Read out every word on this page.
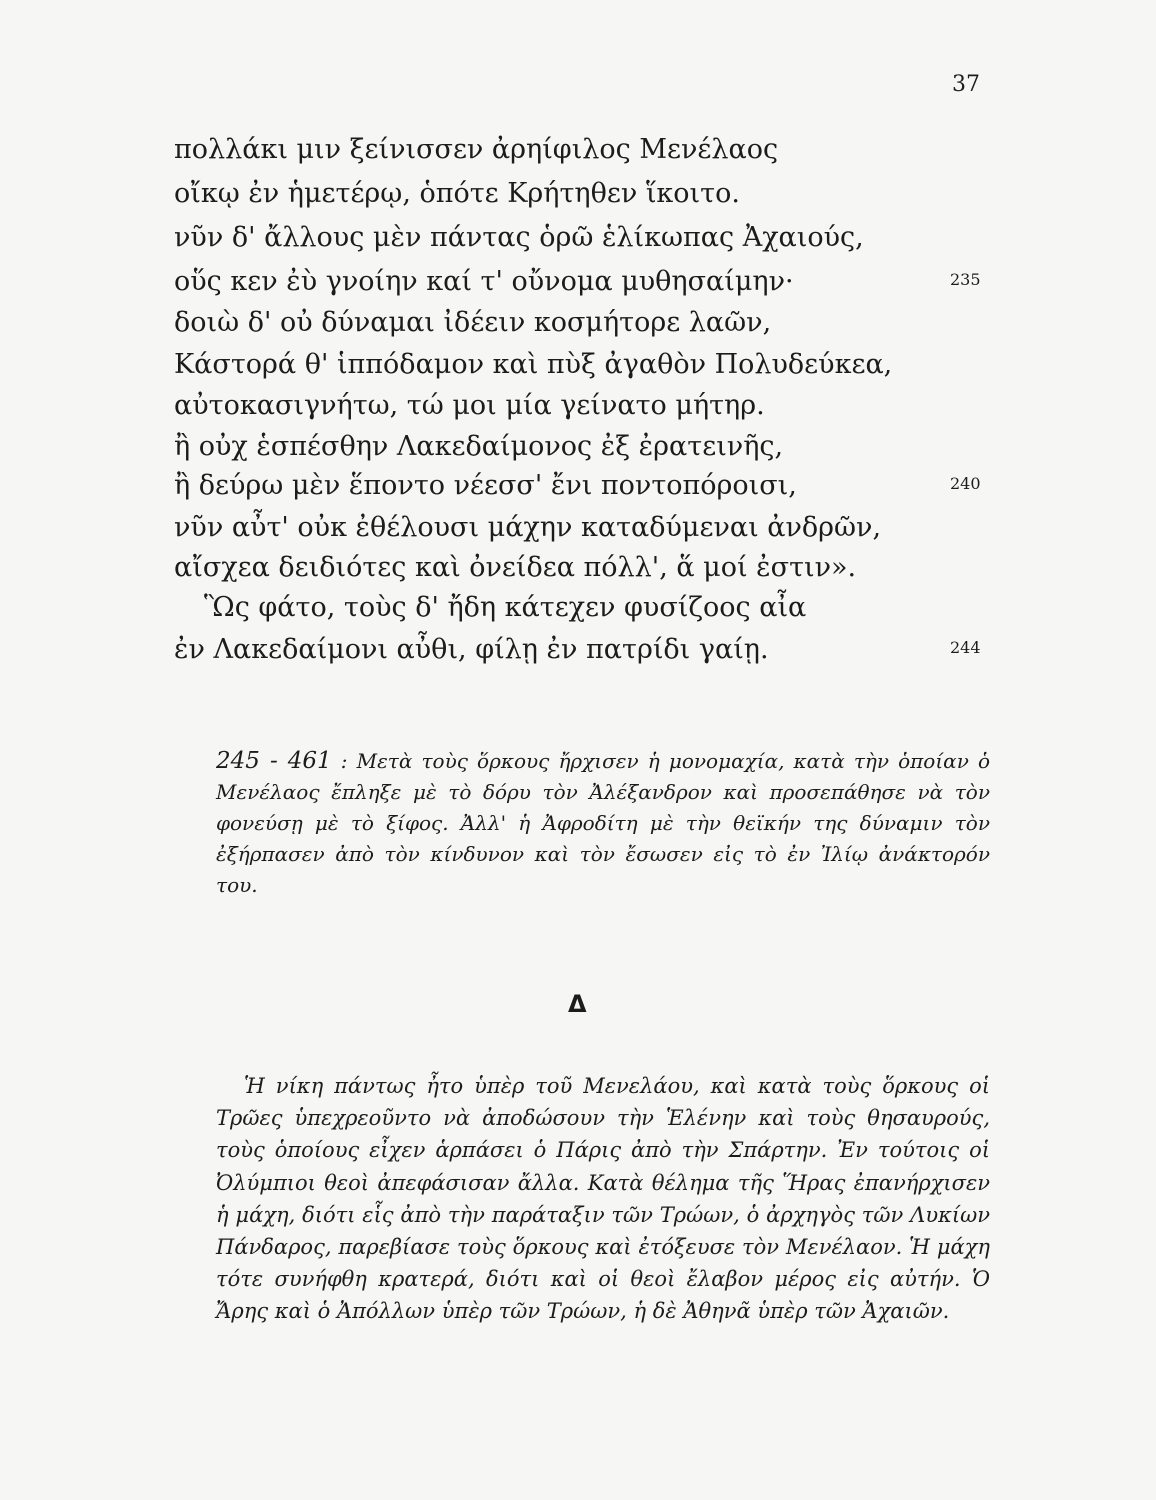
37
πολλάκι μιν ξείνισσεν ἀρηίφιλος Μενέλαος
οἴκῳ ἐν ἡμετέρῳ, ὁπότε Κρήτηθεν ἵκοιτο.
νῦν δ' ἄλλους μὲν πάντας ὁρῶ ἑλίκωπας Ἀχαιούς,
οὕς κεν ἐὺ γνοίην καί τ' οὔνομα μυθησαίμην·	235
δοιὼ δ' οὐ δύναμαι ἰδέειν κοσμήτορε λαῶν,
Κάστορά θ' ἱππόδαμον καὶ πὺξ ἀγαθὸν Πολυδεύκεα,
αὐτοκασιγνήτω, τώ μοι μία γείνατο μήτηρ.
ἢ οὐχ ἑσπέσθην Λακεδαίμονος ἐξ ἐρατεινῆς,
ἢ δεύρω μὲν ἕποντο νέεσσ' ἔνι ποντοπόροισι,	240
νῦν αὖτ' οὐκ ἐθέλουσι μάχην καταδύμεναι ἀνδρῶν,
αἴσχεα δειδιότες καὶ ὀνείδεα πόλλ', ἅ μοί ἐστιν».
Ὣς φάτο, τοὺς δ' ἤδη κάτεχεν φυσίζοος αἶα
ἐν Λακεδαίμονι αὖθι, φίλῃ ἐν πατρίδι γαίῃ.	244
245 - 461 : Μετὰ τοὺς ὅρκους ἤρχισεν ἡ μονομαχία, κατὰ τὴν ὁποίαν ὁ Μενέλαος ἔπληξε μὲ τὸ δόρυ τὸν Ἀλέξανδρον καὶ προσεπάθησε νὰ τὸν φονεύσῃ μὲ τὸ ξίφος. Ἀλλ' ἡ Ἀφροδίτη μὲ τὴν θεϊκήν της δύναμιν τὸν ἐξήρπασεν ἀπὸ τὸν κίνδυνον καὶ τὸν ἔσωσεν εἰς τὸ ἐν Ἰλίῳ ἀνάκτορόν του.
Δ
Ἡ νίκη πάντως ἦτο ὑπὲρ τοῦ Μενελάου, καὶ κατὰ τοὺς ὅρκους οἱ Τρῶες ὑπεχρεοῦντο νὰ ἀποδώσουν τὴν Ἑλένην καὶ τοὺς θησαυρούς, τοὺς ὁποίους εἶχεν ἁρπάσει ὁ Πάρις ἀπὸ τὴν Σπάρτην. Ἐν τούτοις οἱ Ὀλύμπιοι θεοὶ ἀπεφάσισαν ἄλλα. Κατὰ θέλημα τῆς Ἥρας ἐπανήρχισεν ἡ μάχη, διότι εἷς ἀπὸ τὴν παράταξιν τῶν Τρώων, ὁ ἀρχηγὸς τῶν Λυκίων Πάνδαρος, παρεβίασε τοὺς ὅρκους καὶ ἐτόξευσε τὸν Μενέλαον. Ἡ μάχη τότε συνήφθη κρατερά, διότι καὶ οἱ θεοὶ ἔλαβον μέρος εἰς αὐτήν. Ὁ Ἄρης καὶ ὁ Ἀπόλλων ὑπὲρ τῶν Τρώων, ἡ δὲ Ἀθηνᾶ ὑπὲρ τῶν Ἀχαιῶν.
